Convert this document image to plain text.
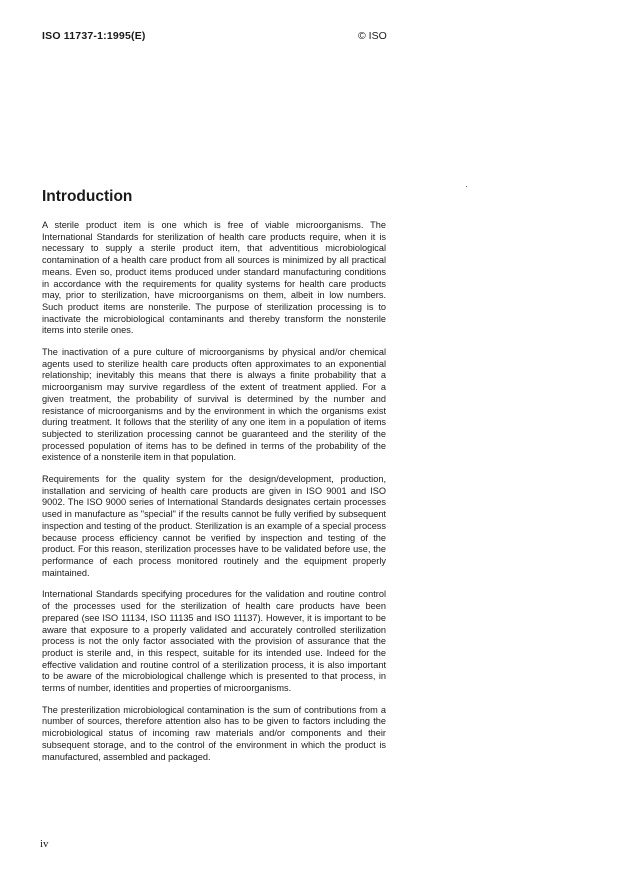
ISO 11737-1:1995(E)	© ISO
Introduction

A sterile product item is one which is free of viable microorganisms. The International Standards for sterilization of health care products require, when it is necessary to supply a sterile product item, that adventitious microbiological contamination of a health care product from all sources is minimized by all practical means. Even so, product items produced under standard manufacturing conditions in accordance with the requirements for quality systems for health care products may, prior to sterilization, have microorganisms on them, albeit in low numbers. Such product items are nonsterile. The purpose of sterilization processing is to inactivate the microbiological contaminants and thereby transform the nonsterile items into sterile ones.

The inactivation of a pure culture of microorganisms by physical and/or chemical agents used to sterilize health care products often approximates to an exponential relationship; inevitably this means that there is always a finite probability that a microorganism may survive regardless of the extent of treatment applied. For a given treatment, the probability of survival is determined by the number and resistance of microorganisms and by the environment in which the organisms exist during treatment. It follows that the sterility of any one item in a population of items subjected to sterilization processing cannot be guaranteed and the sterility of the processed population of items has to be defined in terms of the probability of the existence of a nonsterile item in that population.

Requirements for the quality system for the design/development, production, installation and servicing of health care products are given in ISO 9001 and ISO 9002. The ISO 9000 series of International Standards designates certain processes used in manufacture as "special" if the results cannot be fully verified by subsequent inspection and testing of the product. Sterilization is an example of a special process because process efficiency cannot be verified by inspection and testing of the product. For this reason, sterilization processes have to be validated before use, the performance of each process monitored routinely and the equipment properly maintained.

International Standards specifying procedures for the validation and routine control of the processes used for the sterilization of health care products have been prepared (see ISO 11134, ISO 11135 and ISO 11137). However, it is important to be aware that exposure to a properly validated and accurately controlled sterilization process is not the only factor associated with the provision of assurance that the product is sterile and, in this respect, suitable for its intended use. Indeed for the effective validation and routine control of a sterilization process, it is also important to be aware of the microbiological challenge which is presented to that process, in terms of number, identities and properties of microorganisms.

The presterilization microbiological contamination is the sum of contributions from a number of sources, therefore attention also has to be given to factors including the microbiological status of incoming raw materials and/or components and their subsequent storage, and to the control of the environment in which the product is manufactured, assembled and packaged.

iv
